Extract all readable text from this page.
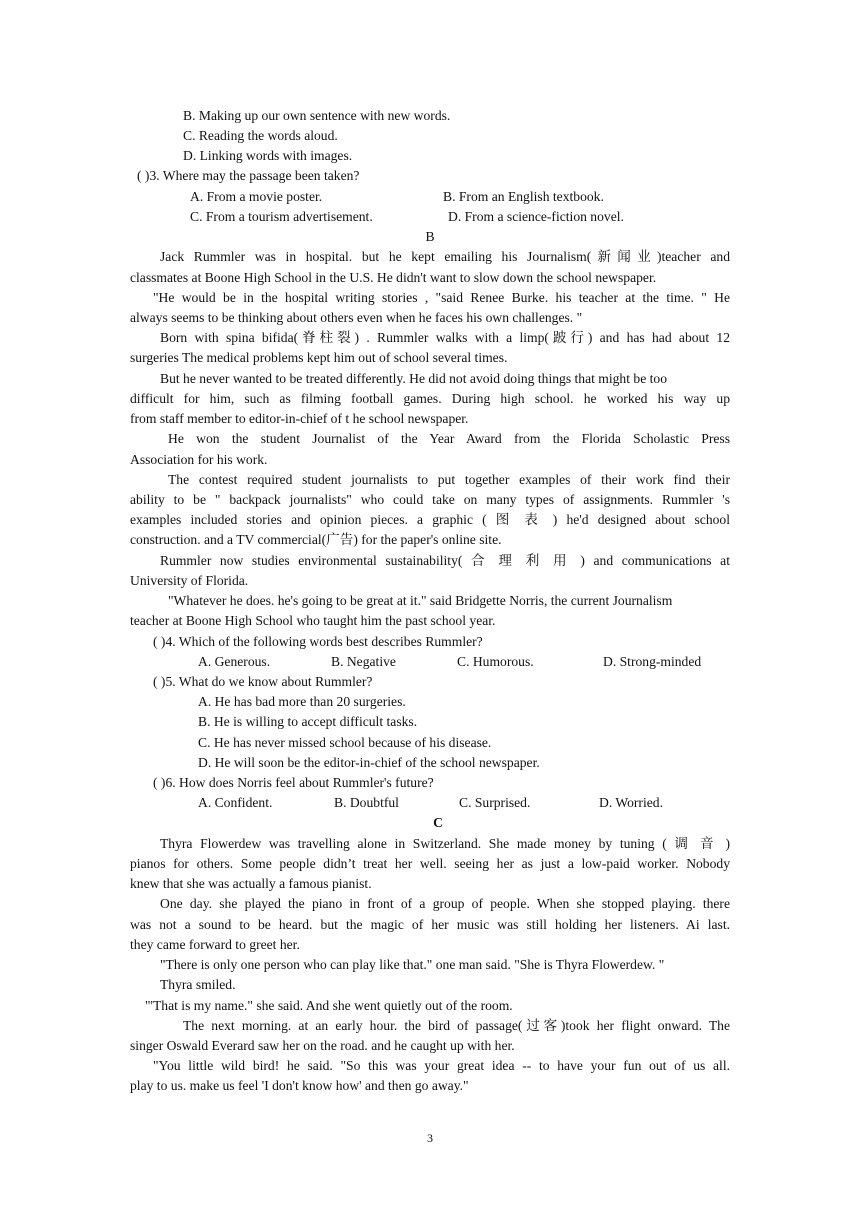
B. Making up our own sentence with new words.
C. Reading the words aloud.
D. Linking words with images.
( )3. Where may the passage been taken?
A. From a movie poster.	B. From an English textbook.
C. From a tourism advertisement.	D. From a science-fiction novel.
B
Jack Rummler was in hospital. but he kept emailing his Journalism(新闻业)teacher and
classmates at Boone High School in the U.S. He didn't want to slow down the school newspaper.
"He would be in the hospital writing stories , "said Renee Burke. his teacher at the time. " He
always seems to be thinking about others even when he faces his own challenges. "
Born with spina bifida(脊柱裂) . Rummler walks with a limp(跛行) and has had about 12
surgeries The medical problems kept him out of school several times.
But he never wanted to be treated differently. He did not avoid doing things that might be too
difficult for him, such as filming football games. During high school. he worked his way up
from staff member to editor-in-chief of t he school newspaper.
He won the student Journalist of the Year Award from the Florida Scholastic Press
Association for his work.
The contest required student journalists to put together examples of their work find their
ability to be " backpack journalists" who could take on many types of assignments. Rummler 's
examples included stories and opinion pieces. a graphic ( 图 表 ) he'd designed about school
construction. and a TV commercial(广告) for the paper's online site.
Rummler now studies environmental sustainability( 合 理 利 用 ) and communications at
University of Florida.
"Whatever he does. he's going to be great at it." said Bridgette Norris, the current Journalism
teacher at Boone High School who taught him the past school year.
( )4. Which of the following words best describes Rummler?
A. Generous.	B. Negative	C. Humorous.	D. Strong-minded
( )5. What do we know about Rummler?
A. He has bad more than 20 surgeries.
B. He is willing to accept difficult tasks.
C. He has never missed school because of his disease.
D. He will soon be the editor-in-chief of the school newspaper.
( )6. How does Norris feel about Rummler's future?
A. Confident.	B. Doubtful	C. Surprised.	D. Worried.
C
Thyra Flowerdew was travelling alone in Switzerland. She made money by tuning ( 调 音 )
pianos for others. Some people didn’t treat her well. seeing her as just a low-paid worker. Nobody
knew that she was actually a famous pianist.
One day. she played the piano in front of a group of people. When she stopped playing. there
was not a sound to be heard. but the magic of her music was still holding her listeners. Ai last.
they came forward to greet her.
"There is only one person who can play like that." one man said. "She is Thyra Flowerdew. "
Thyra smiled.
"'That is my name." she said. And she went quietly out of the room.
The next morning. at an early hour. the bird of passage(过客)took her flight onward. The
singer Oswald Everard saw her on the road. and he caught up with her.
"You little wild bird! he said. "So this was your great idea -- to have your fun out of us all.
play to us. make us feel 'I don't know how' and then go away."
3
